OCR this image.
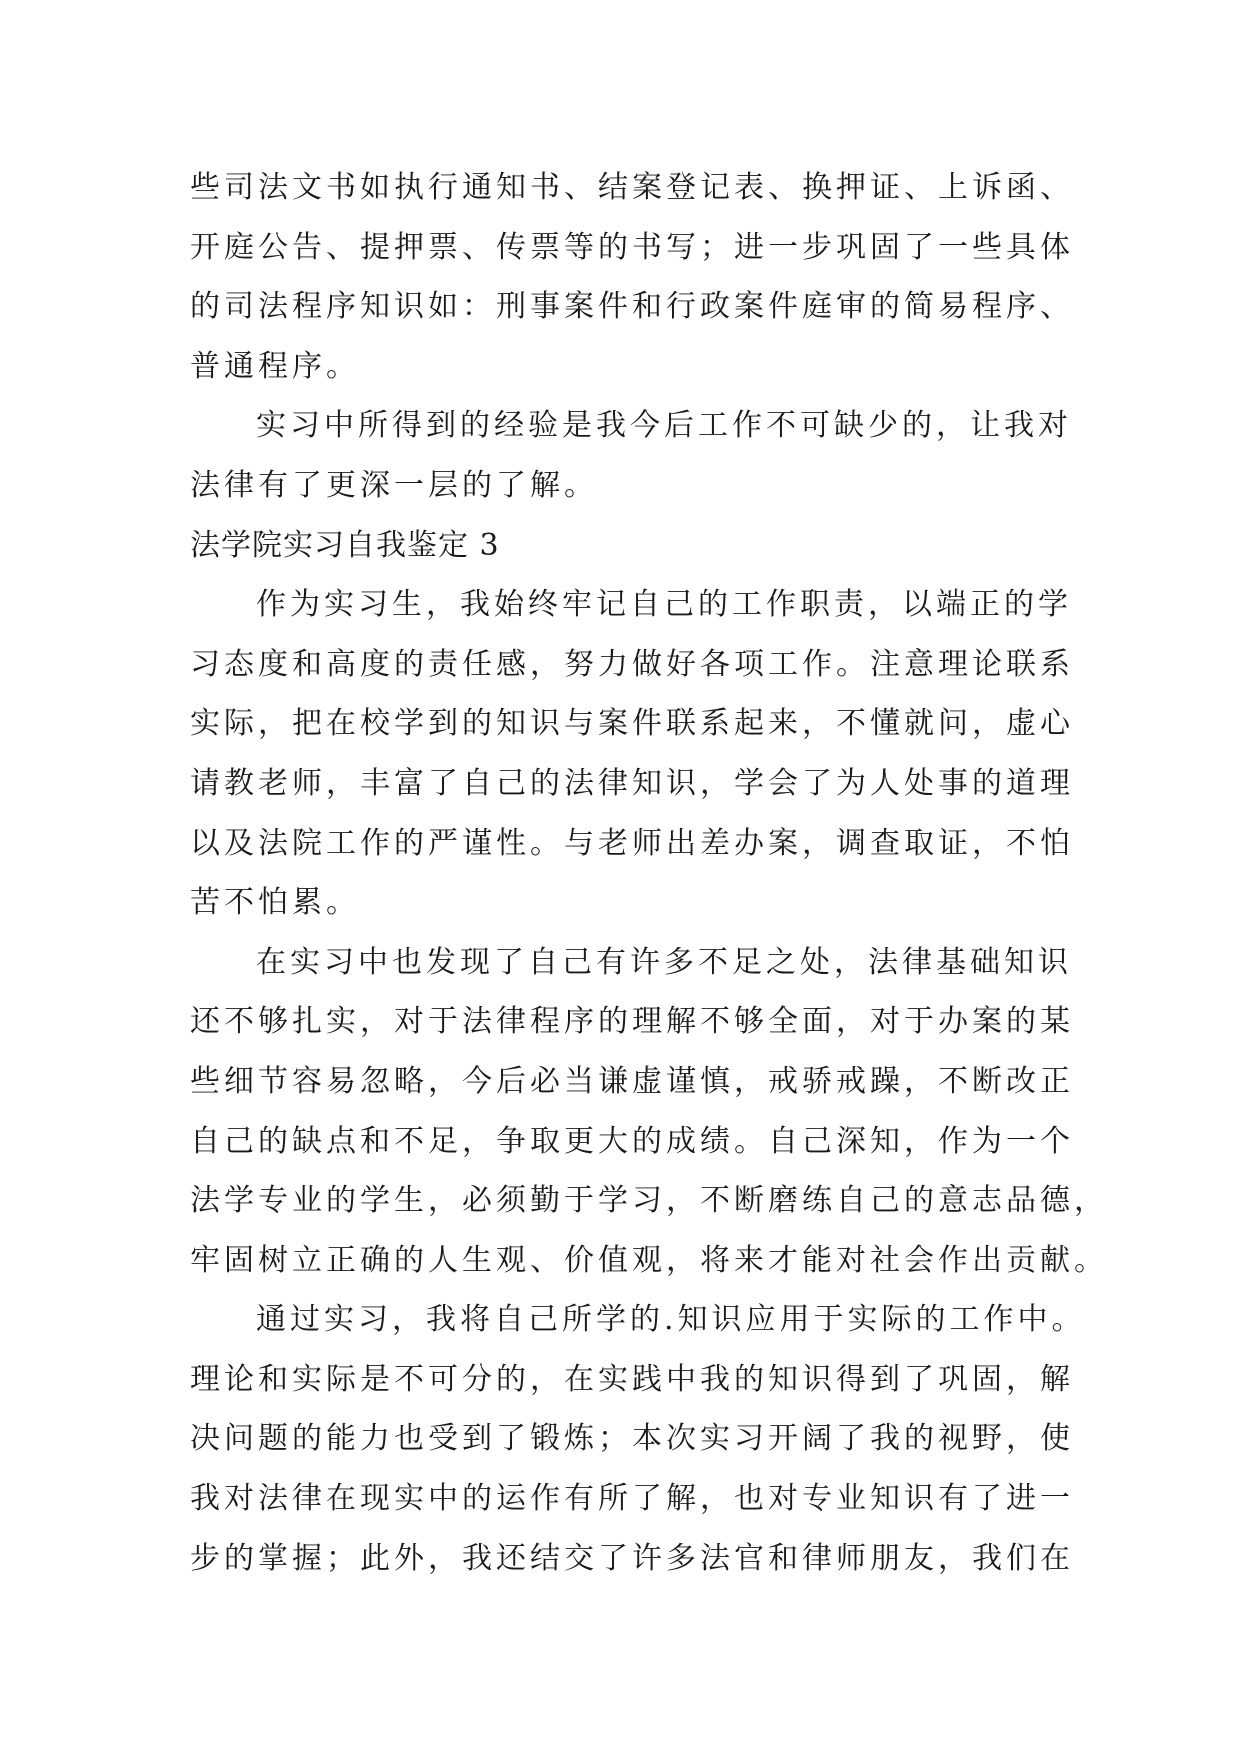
些司法文书如执行通知书、结案登记表、换押证、上诉函、
开庭公告、提押票、传票等的书写；进一步巩固了一些具体
的司法程序知识如：刑事案件和行政案件庭审的简易程序、
普通程序。
实习中所得到的经验是我今后工作不可缺少的，让我对
法律有了更深一层的了解。
法学院实习自我鉴定 3
作为实习生，我始终牢记自己的工作职责，以端正的学
习态度和高度的责任感，努力做好各项工作。注意理论联系
实际，把在校学到的知识与案件联系起来，不懂就问，虚心
请教老师，丰富了自己的法律知识，学会了为人处事的道理
以及法院工作的严谨性。与老师出差办案，调查取证，不怕
苦不怕累。
在实习中也发现了自己有许多不足之处，法律基础知识
还不够扎实，对于法律程序的理解不够全面，对于办案的某
些细节容易忽略，今后必当谦虚谨慎，戒骄戒躁，不断改正
自己的缺点和不足，争取更大的成绩。自己深知，作为一个
法学专业的学生，必须勤于学习，不断磨练自己的意志品德，
牢固树立正确的人生观、价值观，将来才能对社会作出贡献。
通过实习，我将自己所学的.知识应用于实际的工作中。
理论和实际是不可分的，在实践中我的知识得到了巩固，解
决问题的能力也受到了锻炼；本次实习开阔了我的视野，使
我对法律在现实中的运作有所了解，也对专业知识有了进一
步的掌握；此外，我还结交了许多法官和律师朋友，我们在
